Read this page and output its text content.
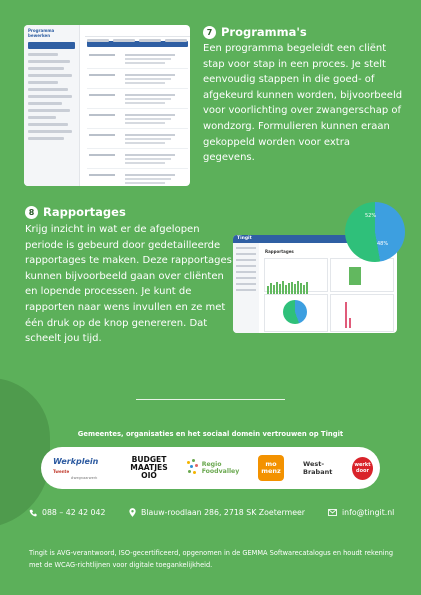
Programma bewerken	7 Programma's

Een programma begeleidt een cliënt stap voor stap in een proces. Je stelt eenvoudig stappen in die goed- of afgekeurd kunnen worden, bijvoorbeeld voor voorlichting over zwangerschap of wondzorg. Formulieren kunnen eraan gekoppeld worden voor extra gegevens.

8 Rapportages

Krijg inzicht in wat er de afgelopen periode is gebeurd door gedetailleerde rapportages te maken. Deze rapportages kunnen bijvoorbeeld gaan over cliënten en lopende processen. Je kunt de rapporten naar wens invullen en ze met één druk op de knop genereren. Dat scheelt jou tijd.

Tingit
Rapportages
52%
48%
Gemeentes, organisaties en het sociaal domein vertrouwen op Tingit
Werkplein Twente
#wegnaarwerk
BUDGET
MAATJES
OIO
Regio
Foodvalley
mo
menz
West-Brabant
werkt
door
088 – 42 42 042	Blauw-roodlaan 286, 2718 SK Zoetermeer	info@tingit.nl
Tingit is AVG-verantwoord, ISO-gecertificeerd, opgenomen in de GEMMA Softwarecatalogus en houdt rekening met de WCAG-richtlijnen voor digitale toegankelijkheid.
